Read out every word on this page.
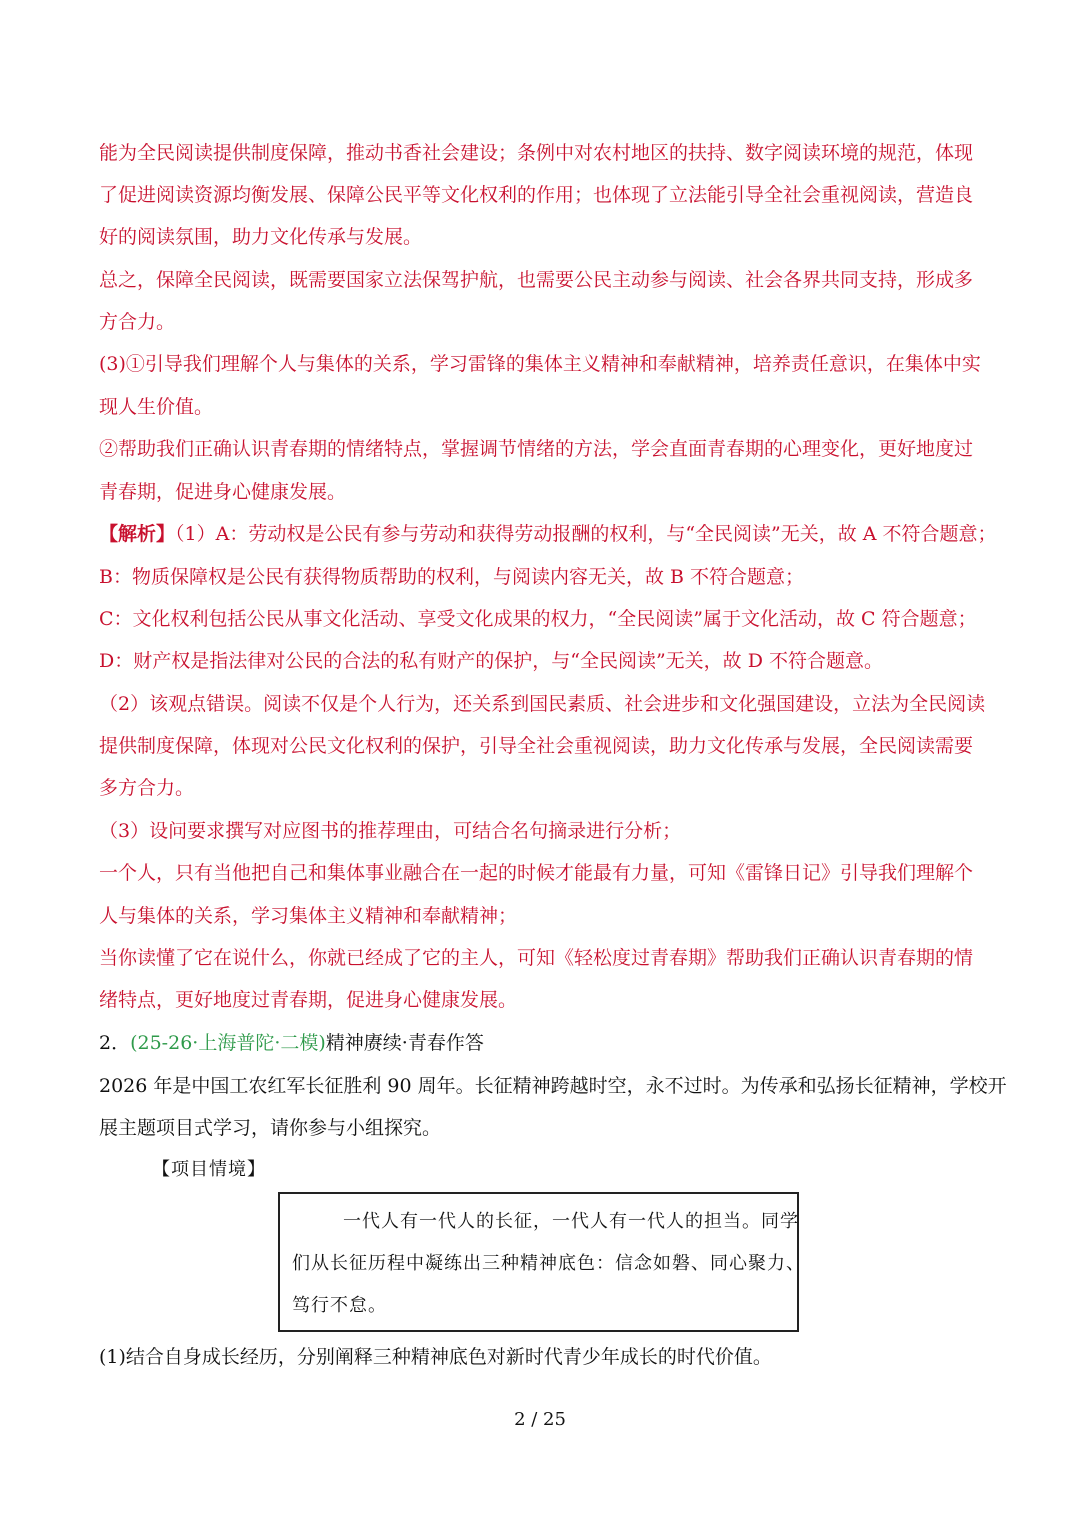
能为全民阅读提供制度保障，推动书香社会建设；条例中对农村地区的扶持、数字阅读环境的规范，体现

了促进阅读资源均衡发展、保障公民平等文化权利的作用；也体现了立法能引导全社会重视阅读，营造良

好的阅读氛围，助力文化传承与发展。

总之，保障全民阅读，既需要国家立法保驾护航，也需要公民主动参与阅读、社会各界共同支持，形成多

方合力。

(3)①引导我们理解个人与集体的关系，学习雷锋的集体主义精神和奉献精神，培养责任意识，在集体中实

现人生价值。

②帮助我们正确认识青春期的情绪特点，掌握调节情绪的方法，学会直面青春期的心理变化，更好地度过

青春期，促进身心健康发展。

【解析】（1）A：劳动权是公民有参与劳动和获得劳动报酬的权利，与“全民阅读”无关，故 A 不符合题意；

B：物质保障权是公民有获得物质帮助的权利，与阅读内容无关，故 B 不符合题意；

C：文化权利包括公民从事文化活动、享受文化成果的权力，“全民阅读”属于文化活动，故 C 符合题意；

D：财产权是指法律对公民的合法的私有财产的保护，与“全民阅读”无关，故 D 不符合题意。

（2）该观点错误。阅读不仅是个人行为，还关系到国民素质、社会进步和文化强国建设，立法为全民阅读

提供制度保障，体现对公民文化权利的保护，引导全社会重视阅读，助力文化传承与发展，全民阅读需要

多方合力。

（3）设问要求撰写对应图书的推荐理由，可结合名句摘录进行分析；

一个人，只有当他把自己和集体事业融合在一起的时候才能最有力量，可知《雷锋日记》引导我们理解个

人与集体的关系，学习集体主义精神和奉献精神；

当你读懂了它在说什么，你就已经成了它的主人，可知《轻松度过青春期》帮助我们正确认识青春期的情

绪特点，更好地度过青春期，促进身心健康发展。

2．(25-26·上海普陀·二模)精神赓续·青春作答

2026 年是中国工农红军长征胜利 90 周年。长征精神跨越时空，永不过时。为传承和弘扬长征精神，学校开

展主题项目式学习，请你参与小组探究。

【项目情境】

一代人有一代人的长征，一代人有一代人的担当。同学

们从长征历程中凝练出三种精神底色：信念如磐、同心聚力、

笃行不怠。

(1)结合自身成长经历，分别阐释三种精神底色对新时代青少年成长的时代价值。

2 / 25
